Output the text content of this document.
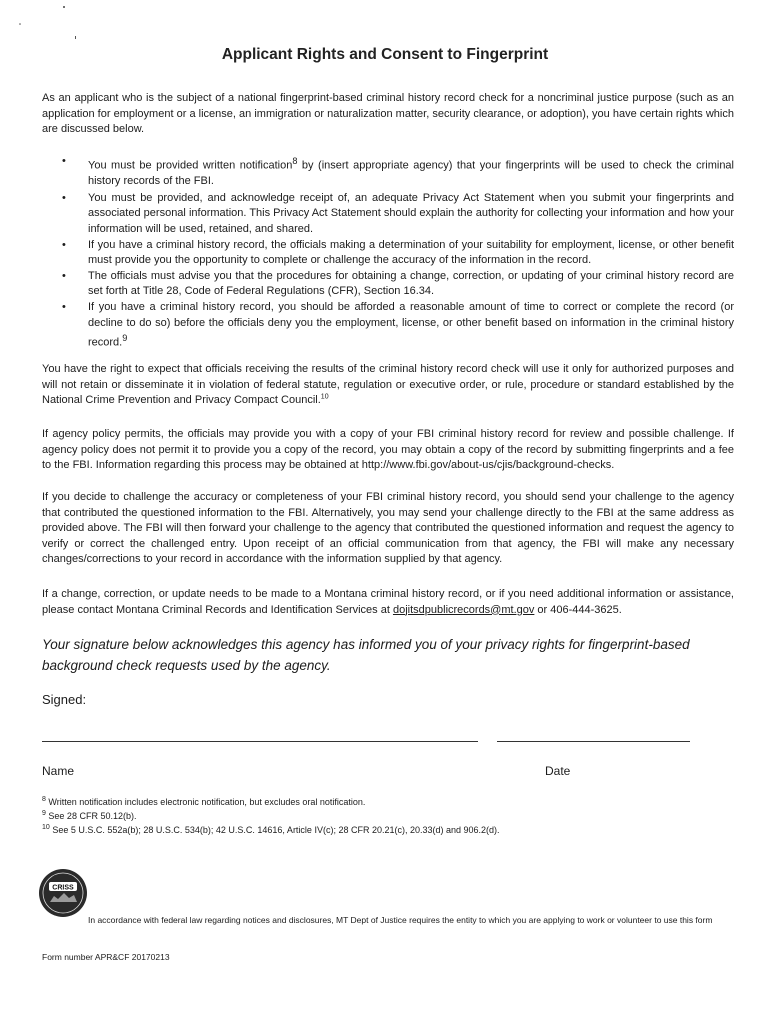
Applicant Rights and Consent to Fingerprint

As an applicant who is the subject of a national fingerprint-based criminal history record check for a noncriminal justice purpose (such as an application for employment or a license, an immigration or naturalization matter, security clearance, or adoption), you have certain rights which are discussed below.

• You must be provided written notification$^8$ by (insert appropriate agency) that your fingerprints will be used to check the criminal history records of the FBI.
• You must be provided, and acknowledge receipt of, an adequate Privacy Act Statement when you submit your fingerprints and associated personal information. This Privacy Act Statement should explain the authority for collecting your information and how your information will be used, retained, and shared.
• If you have a criminal history record, the officials making a determination of your suitability for employment, license, or other benefit must provide you the opportunity to complete or challenge the accuracy of the information in the record.
• The officials must advise you that the procedures for obtaining a change, correction, or updating of your criminal history record are set forth at Title 28, Code of Federal Regulations (CFR), Section 16.34.
• If you have a criminal history record, you should be afforded a reasonable amount of time to correct or complete the record (or decline to do so) before the officials deny you the employment, license, or other benefit based on information in the criminal history record.$^9$

You have the right to expect that officials receiving the results of the criminal history record check will use it only for authorized purposes and will not retain or disseminate it in violation of federal statute, regulation or executive order, or rule, procedure or standard established by the National Crime Prevention and Privacy Compact Council.$^{10}$

If agency policy permits, the officials may provide you with a copy of your FBI criminal history record for review and possible challenge. If agency policy does not permit it to provide you a copy of the record, you may obtain a copy of the record by submitting fingerprints and a fee to the FBI. Information regarding this process may be obtained at http://www.fbi.gov/about-us/cjis/background-checks.

If you decide to challenge the accuracy or completeness of your FBI criminal history record, you should send your challenge to the agency that contributed the questioned information to the FBI. Alternatively, you may send your challenge directly to the FBI at the same address as provided above. The FBI will then forward your challenge to the agency that contributed the questioned information and request the agency to verify or correct the challenged entry. Upon receipt of an official communication from that agency, the FBI will make any necessary changes/corrections to your record in accordance with the information supplied by that agency.

If a change, correction, or update needs to be made to a Montana criminal history record, or if you need additional information or assistance, please contact Montana Criminal Records and Identification Services at dojitsdpublicrecords@mt.gov or 406-444-3625.

Your signature below acknowledges this agency has informed you of your privacy rights for fingerprint-based background check requests used by the agency.

Signed:
Name	Date

$^8$ Written notification includes electronic notification, but excludes oral notification.

$^9$ See 28 CFR 50.12(b).

$^{10}$ See 5 U.S.C. 552a(b); 28 U.S.C. 534(b); 42 U.S.C. 14616, Article IV(c); 28 CFR 20.21(c), 20.33(d) and 906.2(d).

CRISS

In accordance with federal law regarding notices and disclosures, MT Dept of Justice requires the entity to which you are applying to work or volunteer to use this form

Form number APR&CF 20170213
